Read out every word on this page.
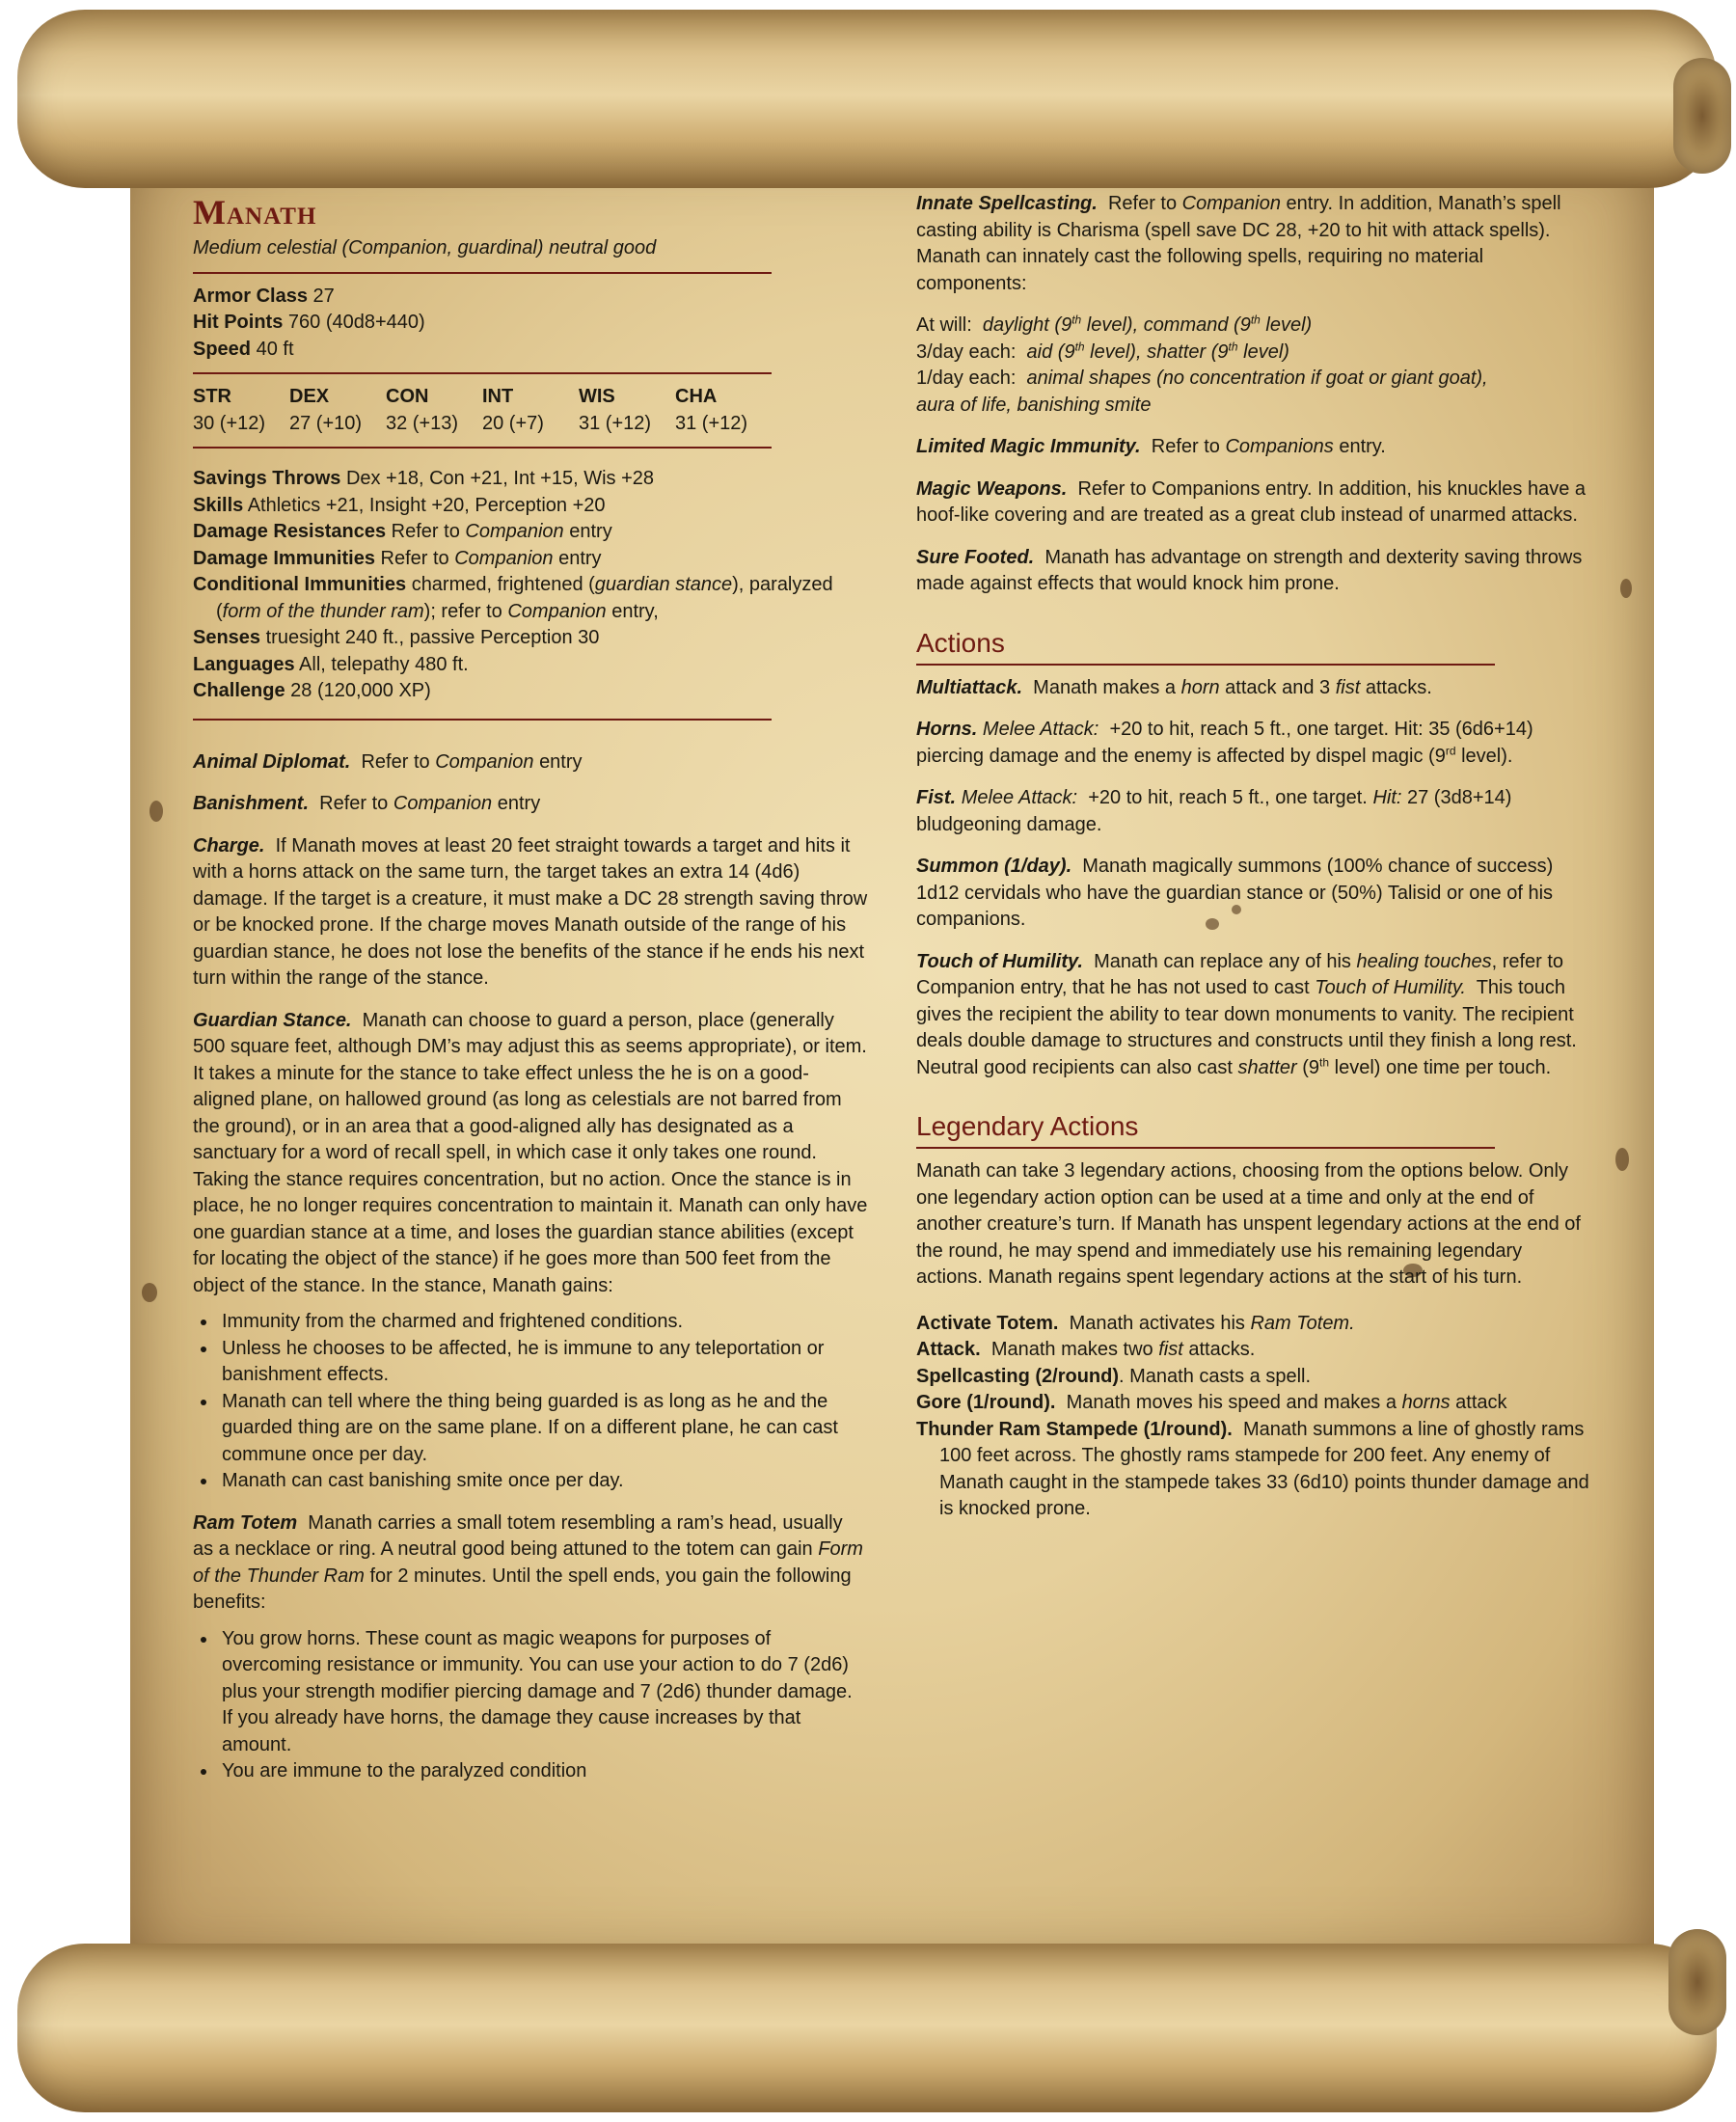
Manath
Medium celestial (Companion, guardinal) neutral good
Armor Class 27
Hit Points 760 (40d8+440)
Speed 40 ft
STR	DEX	CON	INT	WIS	CHA
30 (+12)	27 (+10)	32 (+13)	20 (+7)	31 (+12)	31 (+12)
Savings Throws Dex +18, Con +21, Int +15, Wis +28
Skills Athletics +21, Insight +20, Perception +20
Damage Resistances Refer to Companion entry
Damage Immunities Refer to Companion entry
Conditional Immunities charmed, frightened (guardian stance), paralyzed (form of the thunder ram); refer to Companion entry,
Senses truesight 240 ft., passive Perception 30
Languages All, telepathy 480 ft.
Challenge 28 (120,000 XP)

Animal Diplomat. Refer to Companion entry

Banishment. Refer to Companion entry

Charge. If Manath moves at least 20 feet straight towards a target and hits it with a horns attack on the same turn, the target takes an extra 14 (4d6) damage. If the target is a creature, it must make a DC 28 strength saving throw or be knocked prone. If the charge moves Manath outside of the range of his guardian stance, he does not lose the benefits of the stance if he ends his next turn within the range of the stance.

Guardian Stance. Manath can choose to guard a person, place (generally 500 square feet, although DM’s may adjust this as seems appropriate), or item. It takes a minute for the stance to take effect unless the he is on a good-aligned plane, on hallowed ground (as long as celestials are not barred from the ground), or in an area that a good-aligned ally has designated as a sanctuary for a word of recall spell, in which case it only takes one round. Taking the stance requires concentration, but no action. Once the stance is in place, he no longer requires concentration to maintain it. Manath can only have one guardian stance at a time, and loses the guardian stance abilities (except for locating the object of the stance) if he goes more than 500 feet from the object of the stance. In the stance, Manath gains:

• Immunity from the charmed and frightened conditions.
• Unless he chooses to be affected, he is immune to any teleportation or banishment effects.
• Manath can tell where the thing being guarded is as long as he and the guarded thing are on the same plane. If on a different plane, he can cast commune once per day.
• Manath can cast banishing smite once per day.

Ram Totem Manath carries a small totem resembling a ram’s head, usually as a necklace or ring. A neutral good being attuned to the totem can gain Form of the Thunder Ram for 2 minutes. Until the spell ends, you gain the following benefits:

• You grow horns. These count as magic weapons for purposes of overcoming resistance or immunity. You can use your action to do 7 (2d6) plus your strength modifier piercing damage and 7 (2d6) thunder damage. If you already have horns, the damage they cause increases by that amount.
• You are immune to the paralyzed condition

Innate Spellcasting. Refer to Companion entry. In addition, Manath’s spell casting ability is Charisma (spell save DC 28, +20 to hit with attack spells). Manath can innately cast the following spells, requiring no material components:

At will: daylight (9th level), command (9th level)
3/day each: aid (9th level), shatter (9th level)
1/day each: animal shapes (no concentration if goat or giant goat),
aura of life, banishing smite

Limited Magic Immunity. Refer to Companions entry.

Magic Weapons. Refer to Companions entry. In addition, his knuckles have a hoof-like covering and are treated as a great club instead of unarmed attacks.

Sure Footed. Manath has advantage on strength and dexterity saving throws made against effects that would knock him prone.

Actions

Multiattack. Manath makes a horn attack and 3 fist attacks.

Horns. Melee Attack: +20 to hit, reach 5 ft., one target. Hit: 35 (6d6+14) piercing damage and the enemy is affected by dispel magic (9rd level).

Fist. Melee Attack: +20 to hit, reach 5 ft., one target. Hit: 27 (3d8+14) bludgeoning damage.

Summon (1/day). Manath magically summons (100% chance of success) 1d12 cervidals who have the guardian stance or (50%) Talisid or one of his companions.

Touch of Humility. Manath can replace any of his healing touches, refer to Companion entry, that he has not used to cast Touch of Humility. This touch gives the recipient the ability to tear down monuments to vanity. The recipient deals double damage to structures and constructs until they finish a long rest. Neutral good recipients can also cast shatter (9th level) one time per touch.

Legendary Actions

Manath can take 3 legendary actions, choosing from the options below. Only one legendary action option can be used at a time and only at the end of another creature’s turn. If Manath has unspent legendary actions at the end of the round, he may spend and immediately use his remaining legendary actions. Manath regains spent legendary actions at the start of his turn.

Activate Totem. Manath activates his Ram Totem.
Attack. Manath makes two fist attacks.
Spellcasting (2/round). Manath casts a spell.
Gore (1/round). Manath moves his speed and makes a horns attack
Thunder Ram Stampede (1/round). Manath summons a line of ghostly rams 100 feet across. The ghostly rams stampede for 200 feet. Any enemy of Manath caught in the stampede takes 33 (6d10) points thunder damage and is knocked prone.
